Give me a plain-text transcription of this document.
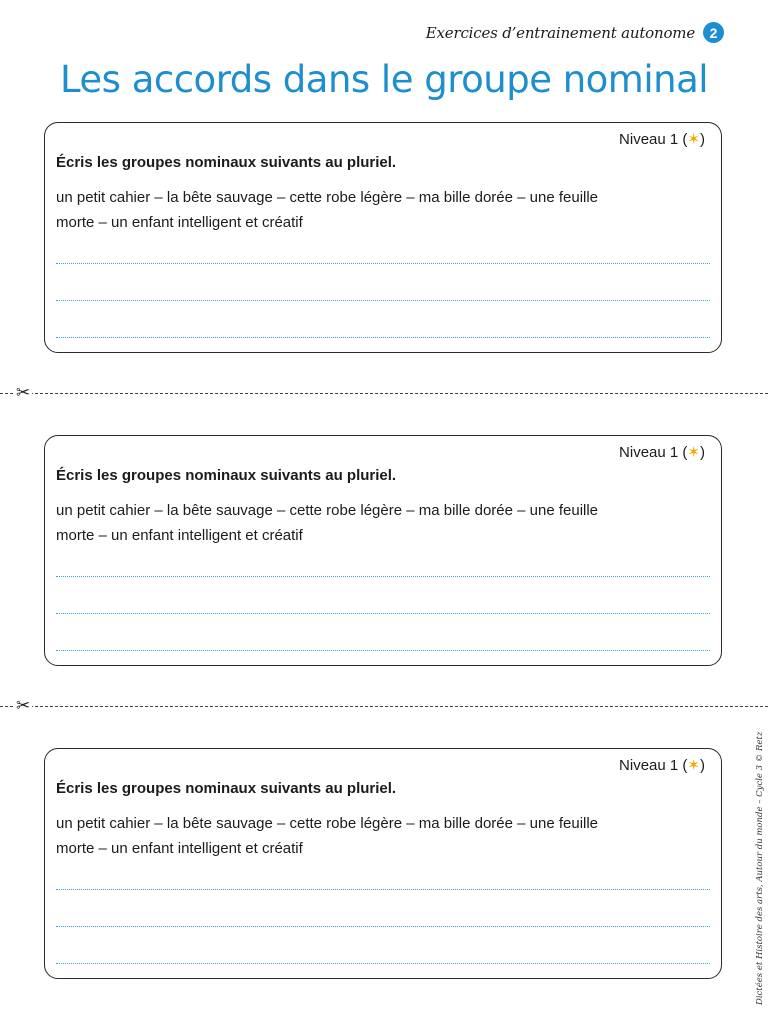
Exercices d’entrainement autonome	2
Les accords dans le groupe nominal
Niveau 1 (✶)
Écris les groupes nominaux suivants au pluriel.
un petit cahier – la bête sauvage – cette robe légère – ma bille dorée – une feuille
morte – un enfant intelligent et créatif
✂
Niveau 1 (✶)
Écris les groupes nominaux suivants au pluriel.
un petit cahier – la bête sauvage – cette robe légère – ma bille dorée – une feuille
morte – un enfant intelligent et créatif
✂
Niveau 1 (✶)
Écris les groupes nominaux suivants au pluriel.
un petit cahier – la bête sauvage – cette robe légère – ma bille dorée – une feuille
morte – un enfant intelligent et créatif	Dictées et Histoire des arts, Autour du monde – Cycle 3 © Retz
